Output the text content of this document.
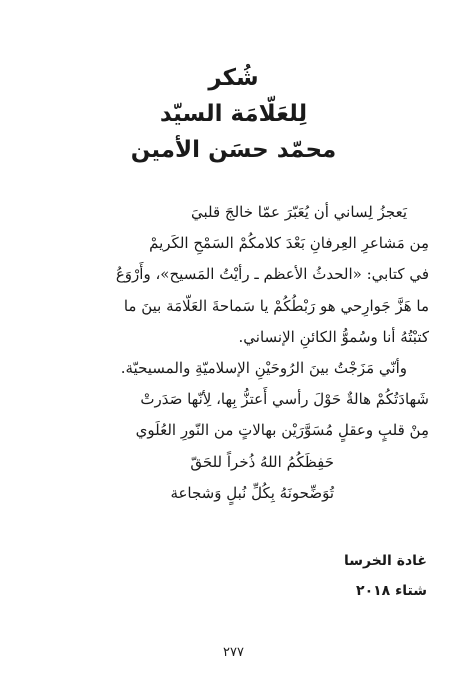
شُكر
لِلعَلّامَة السيّد
محمّد حسَن الأمين
يَعجزُ لِساني أن يُعَبّرَ عمّا خالجَ قلبيَ
مِن مَشاعرِ العِرفانِ بَعْدَ كلامكُمْ السَمْحِ الكَريمْ
في كتابي: «الحدثُ الأعظم ـ رأيْتُ المَسيح»، وأَرْوَعُ
ما هَزَّ جَوارِحي هو رَبْطُكُمْ يا سَماحةَ العَلّامَة بينَ ما
كتبْتُهُ أنا وسُموُّ الكائنِ الإنساني.
وأنّي مَزَجْتُ بينَ الرُوحَيْنِ الإسلاميّةِ والمسيحيّة.
شَهادَتُكُمْ هالةٌ حَوْلَ رأسي أَعتزُّ بِها، لِأنّها صَدَرتْ
مِنْ قلبٍ وعقلٍ مُسَوَّرَيْن بهالاتٍ من النّورِ العُلَوي
حَفِظَكُمُ اللهُ ذُخراً للحَقّ
تُوَضِّحونَهُ بِكُلِّ نُبلٍ وَشجاعة
غادة الخرسا
شتاء ٢٠١٨
٢٧٧
